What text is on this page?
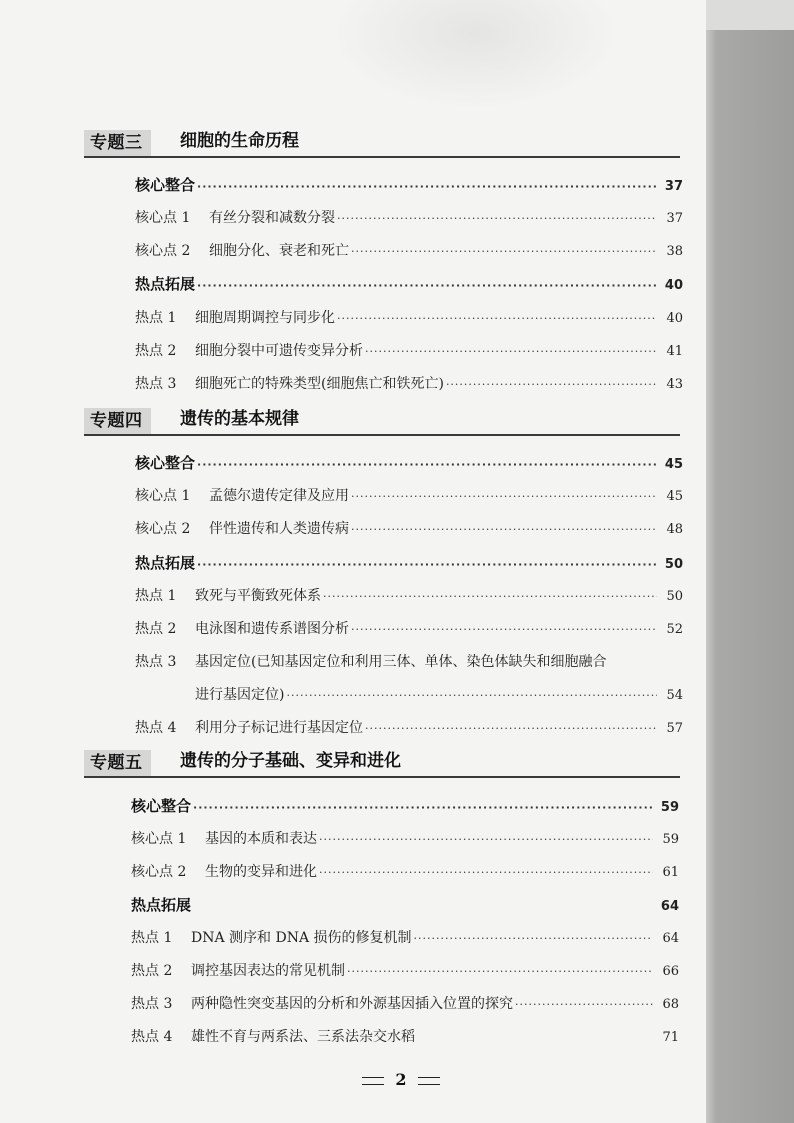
专题三	细胞的生命历程
核心整合 ·····	37
核心点 1	有丝分裂和减数分裂 ·····	37
核心点 2	细胞分化、衰老和死亡 ·····	38
热点拓展 ·····	40
热点 1	细胞周期调控与同步化 ·····	40
热点 2	细胞分裂中可遗传变异分析 ·····	41
热点 3	细胞死亡的特殊类型(细胞焦亡和铁死亡) ·····	43
专题四	遗传的基本规律
核心整合 ·····	45
核心点 1	孟德尔遗传定律及应用 ·····	45
核心点 2	伴性遗传和人类遗传病 ·····	48
热点拓展 ·····	50
热点 1	致死与平衡致死体系 ·····	50
热点 2	电泳图和遗传系谱图分析 ·····	52
热点 3	基因定位(已知基因定位和利用三体、单体、染色体缺失和细胞融合
进行基因定位) ·····	54
热点 4	利用分子标记进行基因定位 ·····	57
专题五	遗传的分子基础、变异和进化
核心整合 ·····	59
核心点 1	基因的本质和表达 ·····	59
核心点 2	生物的变异和进化 ·····	61
热点拓展	64
热点 1	DNA 测序和 DNA 损伤的修复机制 ·····	64
热点 2	调控基因表达的常见机制 ·····	66
热点 3	两种隐性突变基因的分析和外源基因插入位置的探究 ·····	68
热点 4	雄性不育与两系法、三系法杂交水稻	71
2
